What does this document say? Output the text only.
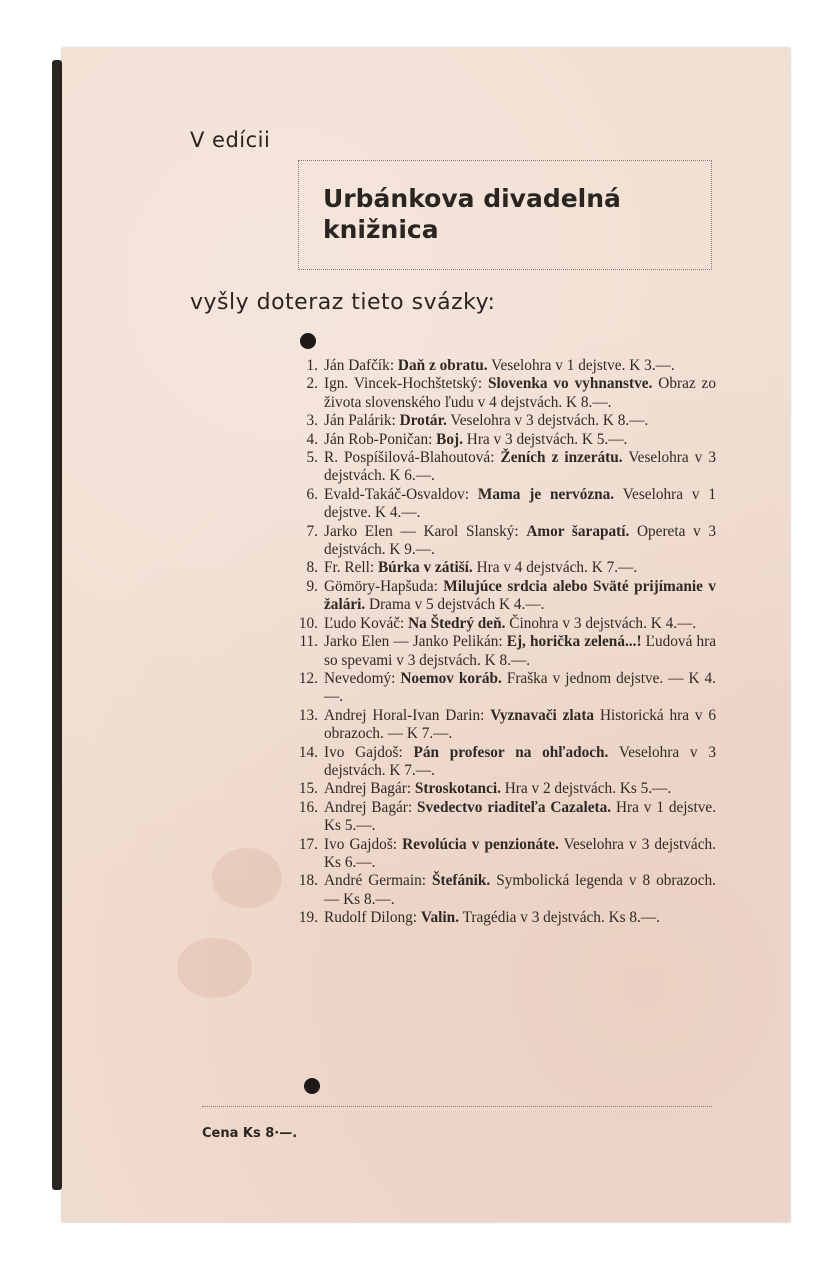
V edícii
Urbánkova divadelná knižnica
vyšly doteraz tieto svázky:
1. Ján Dafčík: Daň z obratu. Veselohra v 1 dejstve. K 3.—.
2. Ign. Vincek-Hochštetský: Slovenka vo vyhnanstve. Obraz zo života slovenského ľudu v 4 dejstvách. K 8.—.
3. Ján Palárik: Drotár. Veselohra v 3 dejstvách. K 8.—.
4. Ján Rob-Poničan: Boj. Hra v 3 dejstvách. K 5.—.
5. R. Pospíšilová-Blahoutová: Ženích z inzerátu. Veselohra v 3 dejstvách. K 6.—.
6. Evald-Takáč-Osvaldov: Mama je nervózna. Veselohra v 1 dejstve. K 4.—.
7. Jarko Elen — Karol Slanský: Amor šarapatí. Opereta v 3 dejstvách. K 9.—.
8. Fr. Rell: Búrka v zátiší. Hra v 4 dejstvách. K 7.—.
9. Gömöry-Hapšuda: Milujúce srdcia alebo Sväté prijímanie v žalári. Drama v 5 dejstvách K 4.—.
10. Ľudo Kováč: Na Štedrý deň. Činohra v 3 dejstvách. K 4.—.
11. Jarko Elen — Janko Pelikán: Ej, horička zelená...! Ľudová hra so spevami v 3 dejstvách. K 8.—.
12. Nevedomý: Noemov koráb. Fraška v jednom dejstve. — K 4.—.
13. Andrej Horal-Ivan Darin: Vyznavači zlata Historická hra v 6 obrazoch. — K 7.—.
14. Ivo Gajdoš: Pán profesor na ohľadoch. Veselohra v 3 dejstvách. K 7.—.
15. Andrej Bagár: Stroskotanci. Hra v 2 dejstvách. Ks 5.—.
16. Andrej Bagár: Svedectvo riaditeľa Cazaleta. Hra v 1 dejstve. Ks 5.—.
17. Ivo Gajdoš: Revolúcia v penzionáte. Veselohra v 3 dejstvách. Ks 6.—.
18. André Germain: Štefánik. Symbolická legenda v 8 obrazoch. — Ks 8.—.
19. Rudolf Dilong: Valin. Tragédia v 3 dejstvách. Ks 8.—.
Cena Ks 8·—.
